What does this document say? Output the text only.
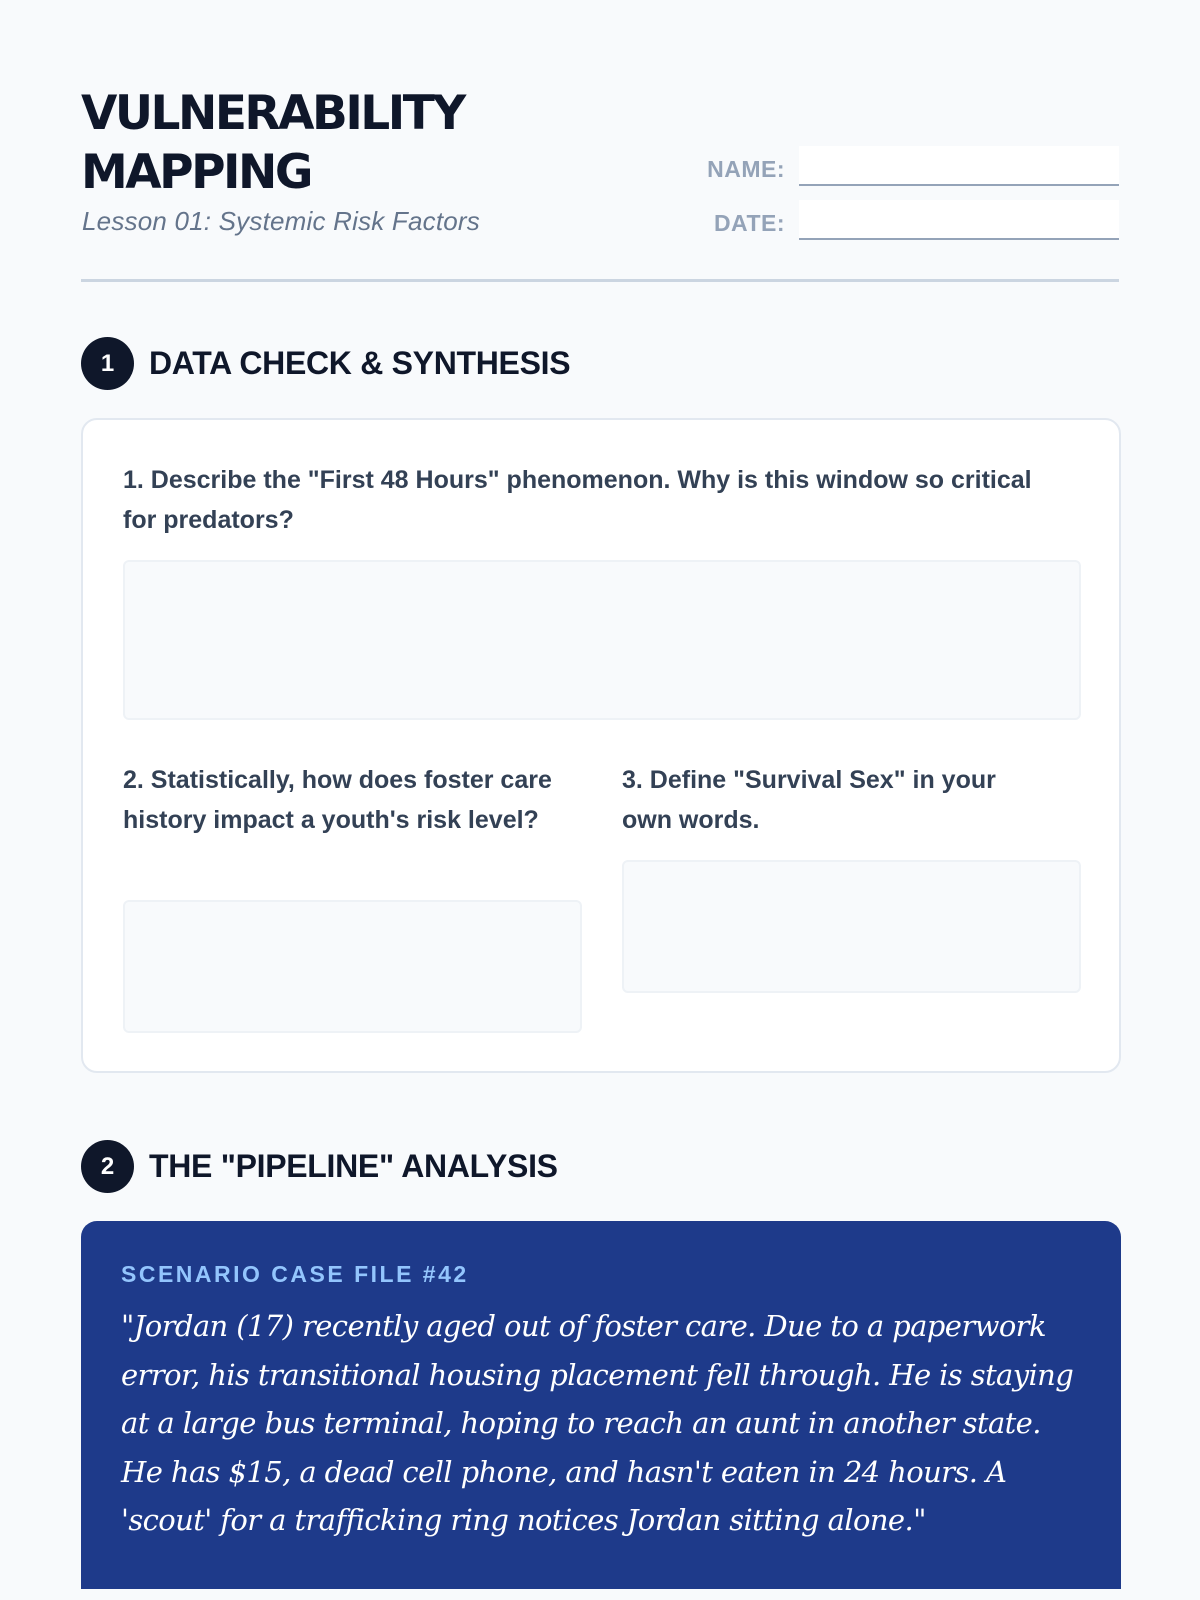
VULNERABILITY
MAPPING
Lesson 01: Systemic Risk Factors
NAME:
DATE:
1	DATA CHECK & SYNTHESIS

1. Describe the "First 48 Hours" phenomenon. Why is this window so critical for predators?

2. Statistically, how does foster care history impact a youth's risk level?

3. Define "Survival Sex" in your own words.

2	THE "PIPELINE" ANALYSIS
SCENARIO CASE FILE #42

"Jordan (17) recently aged out of foster care. Due to a paperwork error, his transitional housing placement fell through. He is staying at a large bus terminal, hoping to reach an aunt in another state. He has $15, a dead cell phone, and hasn't eaten in 24 hours. A 'scout' for a trafficking ring notices Jordan sitting alone."
